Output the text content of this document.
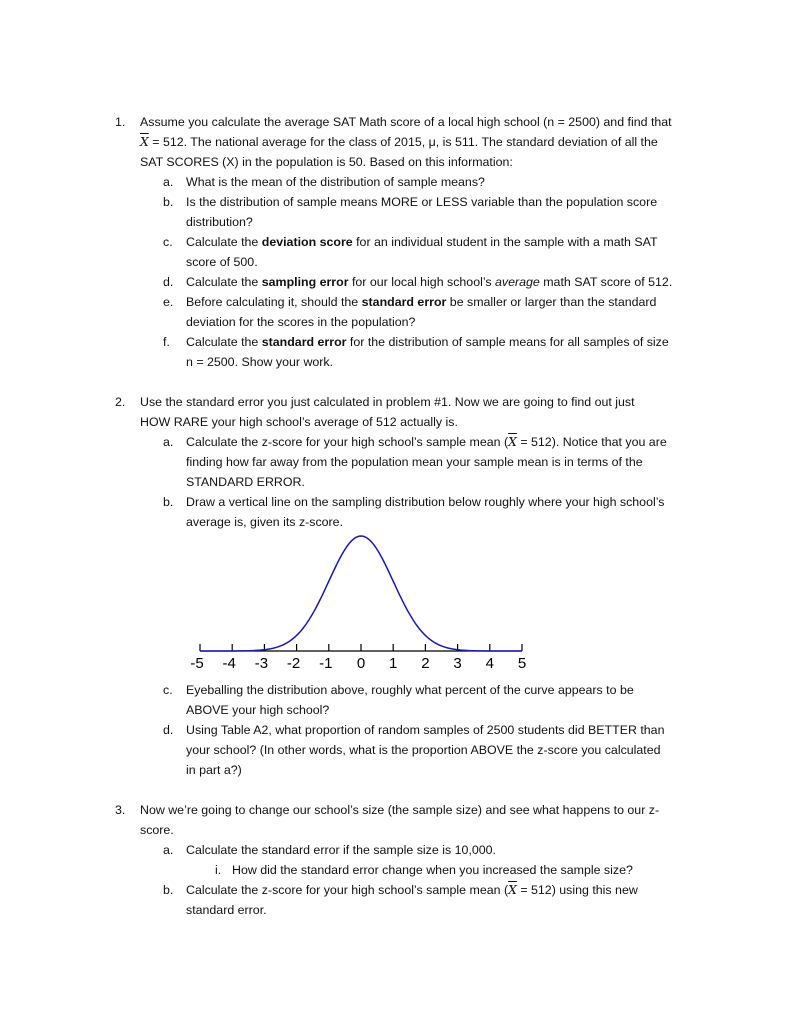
1. Assume you calculate the average SAT Math score of a local high school (n = 2500) and find that
$\overline{X} = 512$. The national average for the class of 2015, μ, is 511. The standard deviation of all the
SAT SCORES (X) in the population is 50. Based on this information:
a. What is the mean of the distribution of sample means?
b. Is the distribution of sample means MORE or LESS variable than the population score
distribution?
c. Calculate the deviation score for an individual student in the sample with a math SAT
score of 500.
d. Calculate the sampling error for our local high school’s average math SAT score of 512.
e. Before calculating it, should the standard error be smaller or larger than the standard
deviation for the scores in the population?
f. Calculate the standard error for the distribution of sample means for all samples of size
n = 2500. Show your work.
2. Use the standard error you just calculated in problem #1. Now we are going to find out just
HOW RARE your high school’s average of 512 actually is.
a. Calculate the z-score for your high school’s sample mean $(\overline{X} = 512)$. Notice that you are
finding how far away from the population mean your sample mean is in terms of the
STANDARD ERROR.
b. Draw a vertical line on the sampling distribution below roughly where your high school’s
average is, given its z-score.
-5 -4 -3 -2 -1 0 1 2 3 4 5
c. Eyeballing the distribution above, roughly what percent of the curve appears to be
ABOVE your high school?
d. Using Table A2, what proportion of random samples of 2500 students did BETTER than
your school? (In other words, what is the proportion ABOVE the z-score you calculated
in part a?)
3. Now we’re going to change our school’s size (the sample size) and see what happens to our z-
score.
a. Calculate the standard error if the sample size is 10,000.
i. How did the standard error change when you increased the sample size?
b. Calculate the z-score for your high school’s sample mean $(\overline{X} = 512)$ using this new
standard error.
